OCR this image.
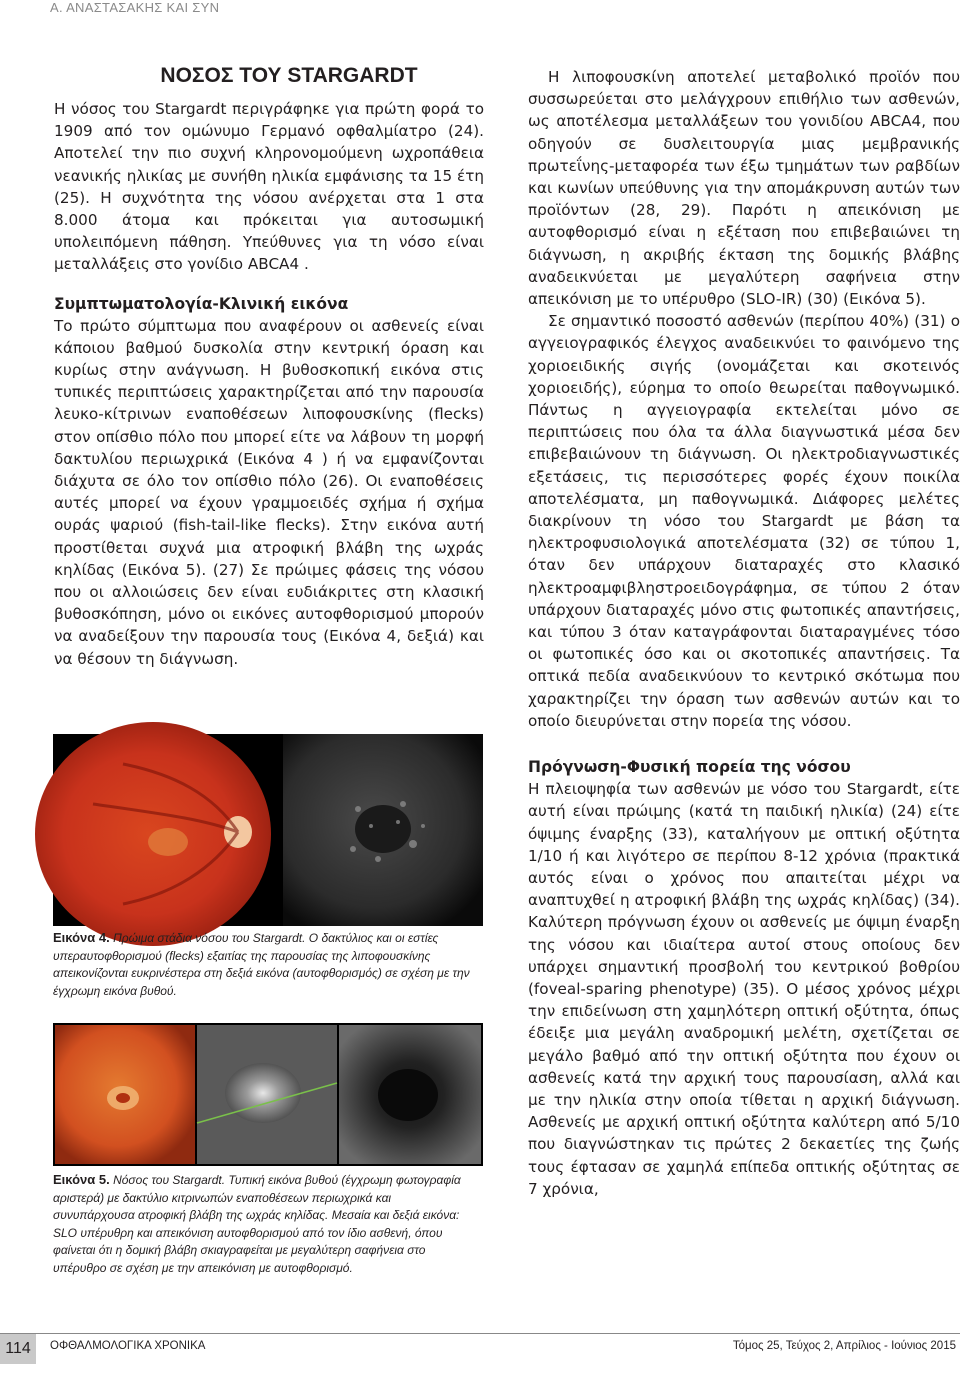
Α. ΑΝΑΣΤΑΣΑΚΗΣ ΚΑΙ ΣΥΝ
ΝΟΣΟΣ ΤΟΥ STARGARDT

Η νόσος του Stargardt περιγράφηκε για πρώτη φορά το 1909 από τον ομώνυμο Γερμανό οφθαλμίατρο (24). Αποτελεί την πιο συχνή κληρονομούμενη ωχροπάθεια νεανικής ηλικίας με συνήθη ηλικία εμφάνισης τα 15 έτη (25). Η συχνότητα της νόσου ανέρχεται στα 1 στα 8.000 άτομα και πρόκειται για αυτοσωμική υπολειπόμενη πάθηση. Υπεύθυνες για τη νόσο είναι μεταλλάξεις στο γονίδιο ABCA4 .

Συμπτωματολογία-Κλινική εικόνα

Το πρώτο σύμπτωμα που αναφέρουν οι ασθενείς είναι κάποιου βαθμού δυσκολία στην κεντρική όραση και κυρίως στην ανάγνωση. Η βυθοσκοπική εικόνα στις τυπικές περιπτώσεις χαρακτηρίζεται από την παρουσία λευκο-κίτρινων εναποθέσεων λιποφουσκίνης (flecks) στον οπίσθιο πόλο που μπορεί είτε να λάβουν τη μορφή δακτυλίου περιωχρικά (Εικόνα 4 ) ή να εμφανίζονται διάχυτα σε όλο τον οπίσθιο πόλο (26). Οι εναποθέσεις αυτές μπορεί να έχουν γραμμοειδές σχήμα ή σχήμα ουράς ψαριού (fish-tail-like flecks). Στην εικόνα αυτή προστίθεται συχνά μια ατροφική βλάβη της ωχράς κηλίδας (Εικόνα 5). (27) Σε πρώιμες φάσεις της νόσου που οι αλλοιώσεις δεν είναι ευδιάκριτες στη κλασική βυθοσκόπηση, μόνο οι εικόνες αυτοφθορισμού μπορούν να αναδείξουν την παρουσία τους (Εικόνα 4, δεξιά) και να θέσουν τη διάγνωση.

Εικόνα 4. Πρώιμα στάδια νόσου του Stargardt. Ο δακτύλιος και οι εστίες υπεραυτοφθορισμού (flecks) εξαιτίας της παρουσίας της λιποφουσκίνης απεικονίζονται ευκρινέστερα στη δεξιά εικόνα (αυτοφθορισμός) σε σχέση με την έγχρωμη εικόνα βυθού.
Εικόνα 5. Νόσος του Stargardt. Τυπική εικόνα βυθού (έγχρωμη φωτογραφία αριστερά) με δακτύλιο κιτρινωπών εναποθέσεων περιωχρικά και συνυπάρχουσα ατροφική βλάβη της ωχράς κηλίδας. Μεσαία και δεξιά εικόνα: SLO υπέρυθρη και απεικόνιση αυτοφθορισμού από τον ίδιο ασθενή, όπου φαίνεται ότι η δομική βλάβη σκιαγραφείται με μεγαλύτερη σαφήνεια στο υπέρυθρο σε σχέση με την απεικόνιση με αυτοφθορισμό.

Η λιποφουσκίνη αποτελεί μεταβολικό προϊόν που συσσωρεύεται στο μελάγχρουν επιθήλιο των ασθενών, ως αποτέλεσμα μεταλλάξεων του γονιδίου ABCA4, που οδηγούν σε δυσλειτουργία μιας μεμβρανικής πρωτεΐνης-μεταφορέα των έξω τμημάτων των ραβδίων και κωνίων υπεύθυνης για την απομάκρυνση αυτών των προϊόντων (28, 29). Παρότι η απεικόνιση με αυτοφθορισμό είναι η εξέταση που επιβεβαιώνει τη διάγνωση, η ακριβής έκταση της δομικής βλάβης αναδεικνύεται με μεγαλύτερη σαφήνεια στην απεικόνιση με το υπέρυθρο (SLO-IR) (30) (Εικόνα 5).

Σε σημαντικό ποσοστό ασθενών (περίπου 40%) (31) ο αγγειογραφικός έλεγχος αναδεικνύει το φαινόμενο της χοριοειδικής σιγής (ονομάζεται και σκοτεινός χοριοειδής), εύρημα το οποίο θεωρείται παθογνωμικό. Πάντως η αγγειογραφία εκτελείται μόνο σε περιπτώσεις που όλα τα άλλα διαγνωστικά μέσα δεν επιβεβαιώνουν τη διάγνωση. Οι ηλεκτροδιαγνωστικές εξετάσεις, τις περισσότερες φορές έχουν ποικίλα αποτελέσματα, μη παθογνωμικά. Διάφορες μελέτες διακρίνουν τη νόσο του Stargardt με βάση τα ηλεκτροφυσιολογικά αποτελέσματα (32) σε τύπου 1, όταν δεν υπάρχουν διαταραχές στο κλασικό ηλεκτροαμφιβληστροειδογράφημα, σε τύπου 2 όταν υπάρχουν διαταραχές μόνο στις φωτοπικές απαντήσεις, και τύπου 3 όταν καταγράφονται διαταραγμένες τόσο οι φωτοπικές όσο και οι σκοτοπικές απαντήσεις. Τα οπτικά πεδία αναδεικνύουν το κεντρικό σκότωμα που χαρακτηρίζει την όραση των ασθενών αυτών και το οποίο διευρύνεται στην πορεία της νόσου.

Πρόγνωση-Φυσική πορεία της νόσου

Η πλειοψηφία των ασθενών με νόσο του Stargardt, είτε αυτή είναι πρώιμης (κατά τη παιδική ηλικία) (24) είτε όψιμης έναρξης (33), καταλήγουν με οπτική οξύτητα 1/10 ή και λιγότερο σε περίπου 8-12 χρόνια (πρακτικά αυτός είναι ο χρόνος που απαιτείται μέχρι να αναπτυχθεί η ατροφική βλάβη της ωχράς κηλίδας) (34). Καλύτερη πρόγνωση έχουν οι ασθενείς με όψιμη έναρξη της νόσου και ιδιαίτερα αυτοί στους οποίους δεν υπάρχει σημαντική προσβολή του κεντρικού βοθρίου (foveal-sparing phenotype) (35). Ο μέσος χρόνος μέχρι την επιδείνωση στη χαμηλότερη οπτική οξύτητα, όπως έδειξε μια μεγάλη αναδρομική μελέτη, σχετίζεται σε μεγάλο βαθμό από την οπτική οξύτητα που έχουν οι ασθενείς κατά την αρχική τους παρουσίαση, αλλά και με την ηλικία στην οποία τίθεται η αρχική διάγνωση. Ασθενείς με αρχική οπτική οξύτητα καλύτερη από 5/10 που διαγνώστηκαν τις πρώτες 2 δεκαετίες της ζωής τους έφτασαν σε χαμηλά επίπεδα οπτικής οξύτητας σε 7 χρόνια,

114	ΟΦΘΑΛΜΟΛΟΓΙΚΑ ΧΡΟΝΙΚΑ	Τόμος 25, Τεύχος 2, Απρίλιος - Ιούνιος 2015
